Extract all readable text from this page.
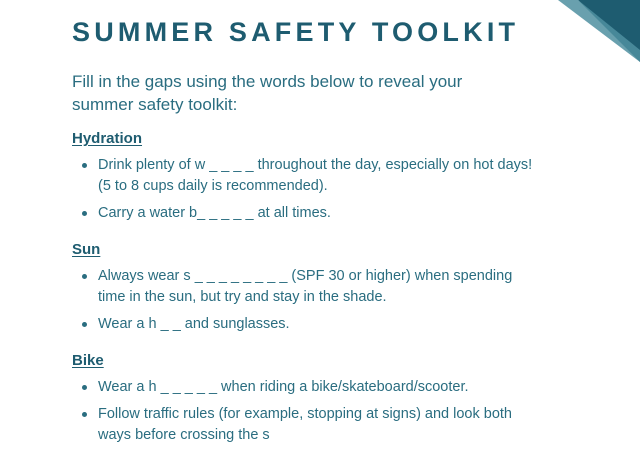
SUMMER SAFETY TOOLKIT
Fill in the gaps using the words below to reveal your summer safety toolkit:
Hydration
Drink plenty of w _ _ _ _ throughout the day, especially on hot days! (5 to 8 cups daily is recommended).
Carry a water b_ _ _ _ _ at all times.
Sun
Always wear s _ _ _ _ _ _ _ _ (SPF 30 or higher) when spending time in the sun, but try and stay in the shade.
Wear a h _ _ and sunglasses.
Bike
Wear a h _ _ _ _ _ when riding a bike/skateboard/scooter.
Follow traffic rules (for example, stopping at signs) and look both ways before crossing the s
